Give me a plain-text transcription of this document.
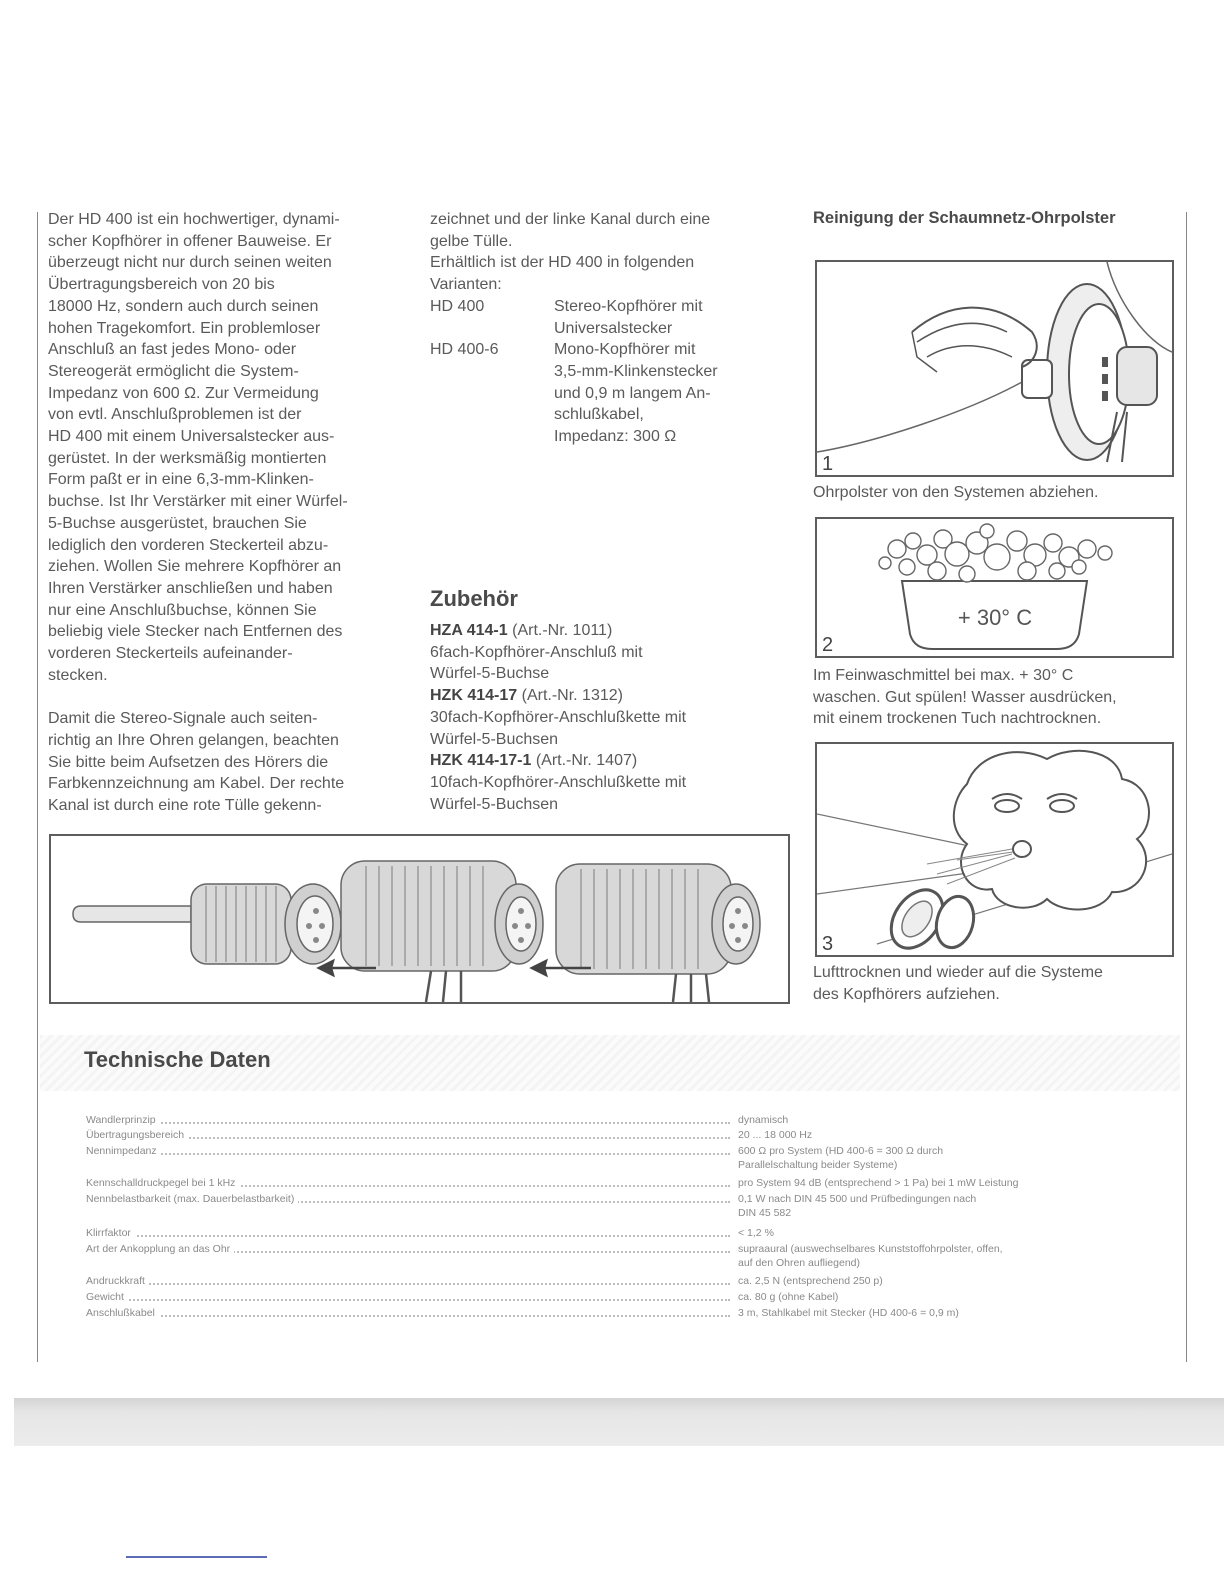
Der HD 400 ist ein hochwertiger, dynami-

scher Kopfhörer in offener Bauweise. Er

überzeugt nicht nur durch seinen weiten

Übertragungsbereich von 20 bis

18000 Hz, sondern auch durch seinen

hohen Tragekomfort. Ein problemloser

Anschluß an fast jedes Mono- oder

Stereogerät ermöglicht die System-

Impedanz von 600 Ω. Zur Vermeidung

von evtl. Anschlußproblemen ist der

HD 400 mit einem Universalstecker aus-

gerüstet. In der werksmäßig montierten

Form paßt er in eine 6,3-mm-Klinken-

buchse. Ist Ihr Verstärker mit einer Würfel-

5-Buchse ausgerüstet, brauchen Sie

lediglich den vorderen Steckerteil abzu-

ziehen. Wollen Sie mehrere Kopfhörer an

Ihren Verstärker anschließen und haben

nur eine Anschlußbuchse, können Sie

beliebig viele Stecker nach Entfernen des

vorderen Steckerteils aufeinander-

stecken.

Damit die Stereo-Signale auch seiten-

richtig an Ihre Ohren gelangen, beachten

Sie bitte beim Aufsetzen des Hörers die

Farbkennzeichnung am Kabel. Der rechte

Kanal ist durch eine rote Tülle gekenn-

zeichnet und der linke Kanal durch eine

gelbe Tülle.

Erhältlich ist der HD 400 in folgenden

Varianten:

HD 400	Stereo-Kopfhörer mit

Universalstecker

HD 400-6	Mono-Kopfhörer mit

3,5-mm-Klinkenstecker

und 0,9 m langem An-

schlußkabel,

Impedanz: 300 Ω

Zubehör
HZA 414-1 (Art.-Nr. 1011)
6fach-Kopfhörer-Anschluß mit
Würfel-5-Buchse
HZK 414-17 (Art.-Nr. 1312)
30fach-Kopfhörer-Anschlußkette mit
Würfel-5-Buchsen
HZK 414-17-1 (Art.-Nr. 1407)
10fach-Kopfhörer-Anschlußkette mit
Würfel-5-Buchsen
Reinigung der Schaumnetz-Ohrpolster
1
Ohrpolster von den Systemen abziehen.
+ 30° C
2
Im Feinwaschmittel bei max. + 30° C
waschen. Gut spülen! Wasser ausdrücken,
mit einem trockenen Tuch nachtrocknen.
3
Lufttrocknen und wieder auf die Systeme
des Kopfhörers aufziehen.
Technische Daten
Wandlerprinzip	dynamisch
Übertragungsbereich	20 ... 18 000 Hz
Nennimpedanz	600 Ω pro System (HD 400-6 = 300 Ω durch
Parallelschaltung beider Systeme)
Kennschalldruckpegel bei 1 kHz	pro System 94 dB (entsprechend > 1 Pa) bei 1 mW Leistung
Nennbelastbarkeit (max. Dauerbelastbarkeit)	0,1 W nach DIN 45 500 und Prüfbedingungen nach
DIN 45 582
Klirrfaktor	< 1,2 %
Art der Ankopplung an das Ohr	supraaural (auswechselbares Kunststoffohrpolster, offen,
auf den Ohren aufliegend)
Andruckkraft	ca. 2,5 N (entsprechend 250 p)
Gewicht	ca. 80 g (ohne Kabel)
Anschlußkabel	3 m, Stahlkabel mit Stecker (HD 400-6 = 0,9 m)
